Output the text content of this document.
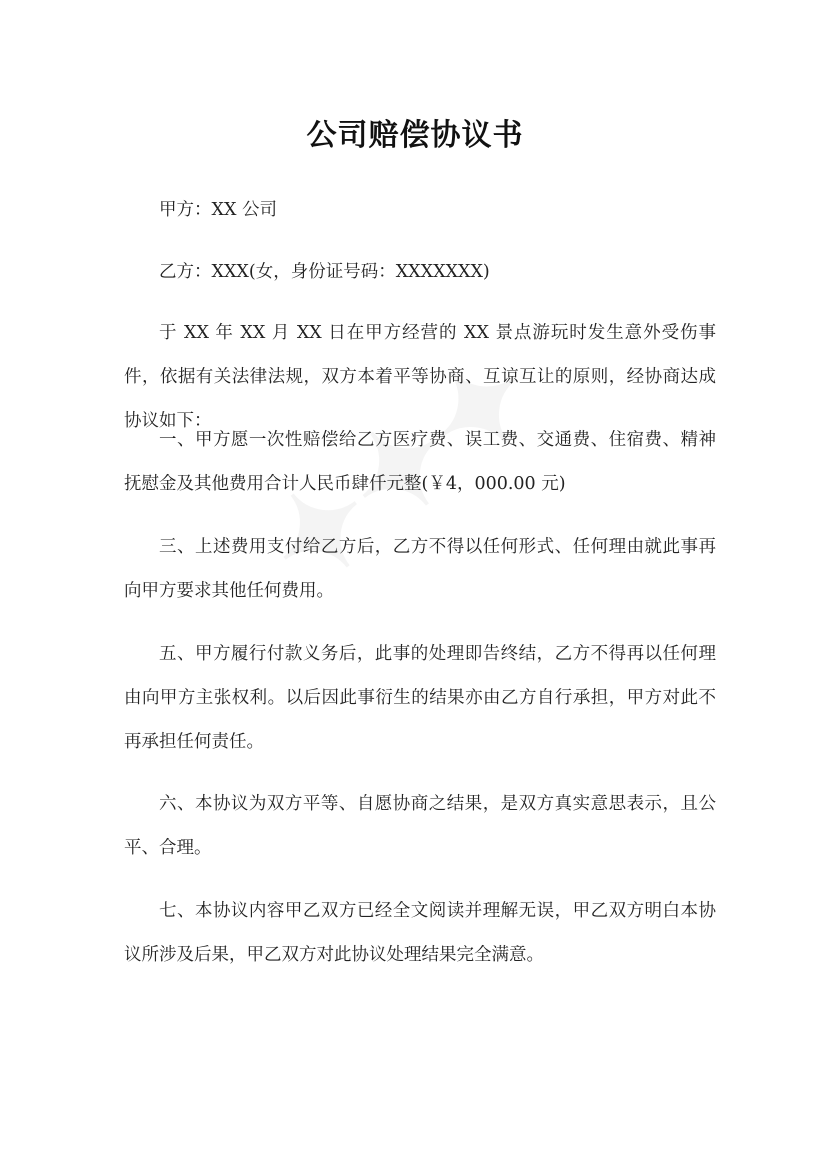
公司赔偿协议书
甲方：XX 公司
乙方：XXX(女，身份证号码：XXXXXXX)
于 XX 年 XX 月 XX 日在甲方经营的 XX 景点游玩时发生意外受伤事件，依据有关法律法规，双方本着平等协商、互谅互让的原则，经协商达成协议如下：
一、甲方愿一次性赔偿给乙方医疗费、误工费、交通费、住宿费、精神抚慰金及其他费用合计人民币肆仟元整(￥4，000.00 元)
三、上述费用支付给乙方后，乙方不得以任何形式、任何理由就此事再向甲方要求其他任何费用。
五、甲方履行付款义务后，此事的处理即告终结，乙方不得再以任何理由向甲方主张权利。以后因此事衍生的结果亦由乙方自行承担，甲方对此不再承担任何责任。
六、本协议为双方平等、自愿协商之结果，是双方真实意思表示，且公平、合理。
七、本协议内容甲乙双方已经全文阅读并理解无误，甲乙双方明白本协议所涉及后果，甲乙双方对此协议处理结果完全满意。
